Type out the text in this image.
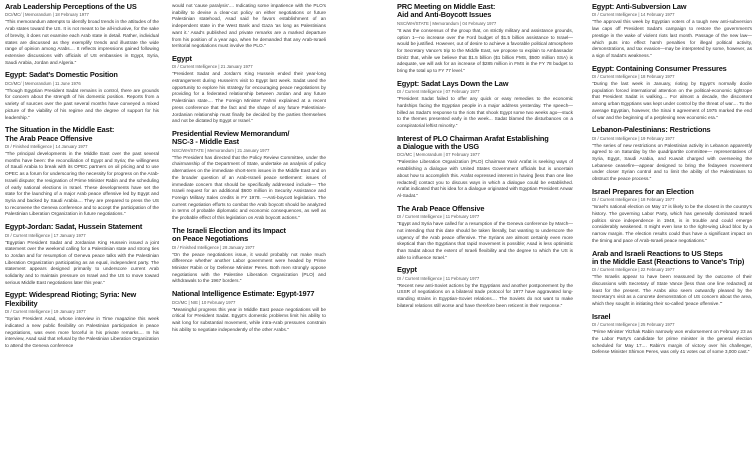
Arab Leadership Perceptions of the US
DCI/MC/ | Memorandum | 18 February 1977
"This memorandum attempts to identify broad trends in the attitudes of the Arab states toward the US. It is not meant to be all-inclusive, for the sake of brevity, it does not examine each Arab state in detail. Rather, individual states are discussed as they exemplify trends and illustrate the wide range of opinion among Arabs.... It reflects impressions gained following extensive discussions with officials of US embassies in Egypt, Syria, Saudi Arabia, Jordan and Algeria."
Egypt: Sadat's Domestic Position
DCI/MC/ | Memorandum | 11 June 1976
"Though Egyptian President Sadat remains in control, there are grounds for concern about the strength of his domestic position. Reports from a variety of sources over the past several months have conveyed a mixed picture of the viability of his regime and the degree of support for his leadership."
The Situation in the Middle East:
The Arab Peace Offensive
DI / Finished Intelligence | 14 January 1977
"The principal developments in the Middle East over the past several months have been: the reconciliation of Egypt and Syria; the willingness of Saudi Arabia to break with its OPEC partners on oil pricing and to use OPEC as a forum for underscoring the necessity for progress on the Arab-Israeli dispute; the resignation of Prime Minister Rabin and the scheduling of early national elections in Israel. These developments have set the state for the launching of a major Arab peace offensive led by Egypt and Syria and backed by Saudi Arabia.... They are prepared to press the US to reconvene the Geneva conference and to accept the participation of the Palestinian Liberation Organization in future negotiations."
Egypt-Jordan: Sadat, Hussein Statement
DI / Current Intelligence | 17 January 1977
"Egyptian President Sadat and Jordanian King Hussein issued a joint statement over the weekend calling for a Palestinian state and strong ties to Jordan and for resumption of Geneva peace talks with the Palestinian Liberation Organization participating as an equal, independent party. The statement appears designed primarily to underscore current Arab solidarity and to maintain pressure on Israel and the US to move toward serious Middle East negotiations later this year."
Egypt: Widespread Rioting; Syria: New Flexibility
DI / Current Intelligence | 19 January 1977
"Syrian President Asad, whose interview in Time magazine this week indicated a new public flexibility on Palestinian participation in peace negotiations, was even more forceful in his private remarks.... In his interview, Asad said that refusal by the Palestinian Liberation Organization to attend the Geneva conference
would not 'cause paralysis'.... Indicating some impatience with the PLO's inability to devise a clear-cut policy on either negotiations or future Palestinian statehood, Asad said he favors establishment of an independent state in the West Bank and Gaza 'as long as Palestinians want it.' Asad's published and private remarks are a marked departure from his position of a year ago, when he demanded that any Arab-Israeli territorial negotiations must involve the PLO."
Egypt
DI / Current Intelligence | 21 January 1977
"President Sadat and Jordan's King Hussein ended their year-long estrangement during Hussein's visit to Egypt last week. Sadat used the opportunity to explore his strategy for encouraging peace negotiations by providing for a federated relationship between Jordan and any future Palestinian state.... The Foreign Minister Fahmi explained at a recent press conference that the fact and the shape of any future Palestinian-Jordanian relationship must finally be decided by the parties themselves and not be dictated by Egypt or Israel."
Presidential Review Memorandum/
NSC-3 - Middle East
NSC/WH/STATE | Memorandum | 21 January 1977
"The President has directed that the Policy Review Committee, under the chairmanship of the Department of State, undertake an analysis of policy alternatives on the immediate short-term issues in the Middle East and on the broader question of an Arab-Israeli peace settlement: issues of immediate concern that should be specifically addressed include— The Israeli request for an additional $600 million in Security Assistance and Foreign Military Sales credits in FY 1978. —Anti-boycott legislation. The current negotiation efforts to combat the Arab boycott should be analyzed in terms of probable diplomatic and economic consequences, as well as the probable effect of this legislation on Arab boycott actions."
The Israeli Election and its Impact
on Peace Negotiations
DI / Finished Intelligence | 28 January 1977
"On the peace negotiations issue, it would probably not make much difference whether another Labor government were headed by Prime Minister Rabin or by Defense Minister Peres. Both men strongly oppose negotiations with the Palestine Liberation Organization (PLO) and withdrawals to the 1967 borders."
National Intelligence Estimate: Egypt-1977
DCI/MC | NIE | 10 February 1977
"Meaningful progress this year in Middle East peace negotiations will be critical for President Sadat. Egypt's domestic problems limit his ability to wait long for substantial movement, while intra-Arab pressures constrain his ability to negotiate independently of the other Arabs."
PRC Meeting on Middle East:
Aid and Anti-Boycott Issues
NSC/WH/STATE | Memorandum | 04 February 1977
"It was the consensus of the group that, on strictly military and assistance grounds, option 1—no increase over the Ford budget of $1.5 billion assistance to Israel—would be justified. However, out of desire to achieve a favorable political atmosphere for Secretary Vance's trip to the Middle East, we propose to explain to Ambassador Dinitz that, while we believe that $1.5 billion ($1 billion FMS, $500 million SSA) is adequate, we will ask for an increase of $285 million in FMS in the FY 78 budget to bring the total up to FY 77 level."
Egypt: Sadat Lays Down the Law
DI / Current Intelligence | 07 February 1977
"President Sadat failed to offer any quick or easy remedies to the economic hardships facing the Egyptian people in a major address yesterday. The speech—billed as Sadat's response to the riots that shook Egypt some two weeks ago—stuck to the themes presented early in the week... Sadat blamed the disturbances on a conspiratorial leftist minority."
Interest of PLO Chairman Arafat Establishing
a Dialogue with the USG
DCI/MC | Memorandum | 07 February 1977
"Palestine Liberation Organization (PLO) Chairman Yasir Arafat is seeking ways of establishing a dialogue with United States Government officials but is uncertain about how to accomplish this. Arafat expressed interest in having [less than one line redacted] contact you to discuss ways in which a dialogue could be established. Arafat indicated that his idea for a dialogue originated with Egyptian President Anwar Al-Sadat."
The Arab Peace Offensive
DI / Current Intelligence | 11 February 1977
"Egypt and Syria have called for a resumption of the Geneva conference by March—not intending that this date should be taken literally, but wanting to underscore the urgency of the Arab peace offensive. The Syrians are almost certainly even more skeptical than the Egyptians that rapid movement is possible; Asad is less optimistic than Sadat about the extent of Israeli flexibility and the degree to which the US is able to influence Israel."
Egypt
DI / Current Intelligence | 11 February 1977
"Recent new anti-Soviet actions by the Egyptians and another postponement by the USSR of negotiations on a bilateral trade protocol for 1977 have aggravated long-standing strains in Egyptian-Soviet relations.... The Soviets do not want to make bilateral relations still worse and have therefore been reticent in their response."
Egypt: Anti-Subversion Law
DI / Current Intelligence | 14 February 1977
"The approval this week by Egyptian voters of a tough new anti-subversion law caps off President Sadat's campaign to restore the government's prestige in the wake of violent riots last month. Passage of the new law—which puts into effect harsh penalties for illegal political activity, demonstrations, and tax evasion—may be interpreted by some, however, as a sign of Sadat's weakness."
Egypt: Containing Consumer Pressures
DI / Current Intelligence | 18 February 1977
"During the last week in January, rioting by Egypt's normally docile population forced international attention on the political-economic tightrope that President Sadat is walking.... For almost a decade, the discontent among urban Egyptians was kept under control by the threat of war.... To the average Egyptian, however, the Sinai II agreement of 1975 marked the end of war and the beginning of a perplexing new economic era."
Lebanon-Palestinians: Restrictions
DI / Current Intelligence | 19 February 1977
"The series of new restrictions on Palestinian activity in Lebanon apparently agreed to on Saturday by the quadripartite committee— representatives of Syria, Egypt, Saudi Arabia, and Kuwait charged with overseeing the Lebanese ceasefire—appear designed to bring the fedayeen movement under closer Syrian control and to limit the ability of the Palestinians to obstruct the peace process."
Israel Prepares for an Election
DI / Current Intelligence | 18 February 1977
"Israel's national election on May 17 is likely to be the closest in the country's history. The governing Labor Party, which has generally dominated Israeli politics since independence in 1948, is in trouble and could emerge considerably weakened. It might even lose to the right-wing Likud bloc by a narrow margin. The election results could thus have a significant impact on the timing and pace of Arab-Israeli peace negotiations."
Arab and Israeli Reactions to US Steps
in the Middle East (Reactions to Vance's Trip)
DI / Current Intelligence | 22 February 1977
"The Israelis appear to have been reassured by the outcome of their discussions with Secretary of State Vance [less than one line redacted] at least for the present. The Arabs also seem outwardly pleased by the Secretary's visit as a concrete demonstration of US concern about the area, which they sought in initiating their so-called 'peace offensive.'"
Israel
DI / Current Intelligence | 25 February 1977
"Prime Minister Yitzhak Rabin narrowly won endorsement on February 23 as the Labor Party's candidate for prime minister in the general election scheduled for May 17.... Rabin's margin of victory over his challenger, Defense Minister Shimon Peres, was only 41 votes out of some 3,000 cast."
